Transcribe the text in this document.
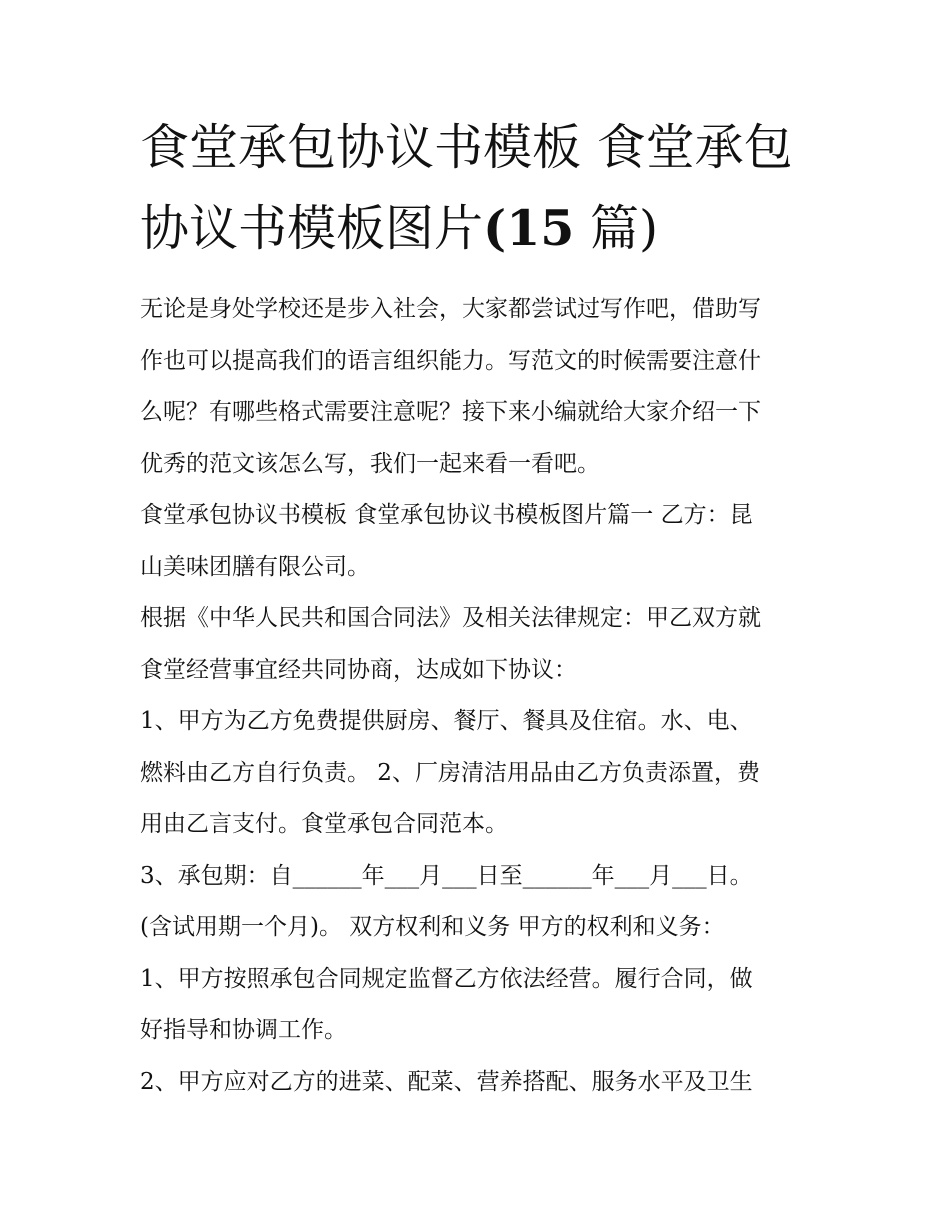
食堂承包协议书模板 食堂承包
协议书模板图片(15 篇)

无论是身处学校还是步入社会，大家都尝试过写作吧，借助写
作也可以提高我们的语言组织能力。写范文的时候需要注意什
么呢？有哪些格式需要注意呢？接下来小编就给大家介绍一下
优秀的范文该怎么写，我们一起来看一看吧。

食堂承包协议书模板 食堂承包协议书模板图片篇一 乙方：昆
山美味团膳有限公司。

根据《中华人民共和国合同法》及相关法律规定：甲乙双方就
食堂经营事宜经共同协商，达成如下协议：

1、甲方为乙方免费提供厨房、餐厅、餐具及住宿。水、电、
燃料由乙方自行负责。 2、厂房清洁用品由乙方负责添置，费
用由乙言支付。食堂承包合同范本。

3、承包期：自______年___月___日至______年___月___日。
(含试用期一个月)。 双方权利和义务 甲方的权利和义务：

1、甲方按照承包合同规定监督乙方依法经营。履行合同，做
好指导和协调工作。

2、甲方应对乙方的进菜、配菜、营养搭配、服务水平及卫生
